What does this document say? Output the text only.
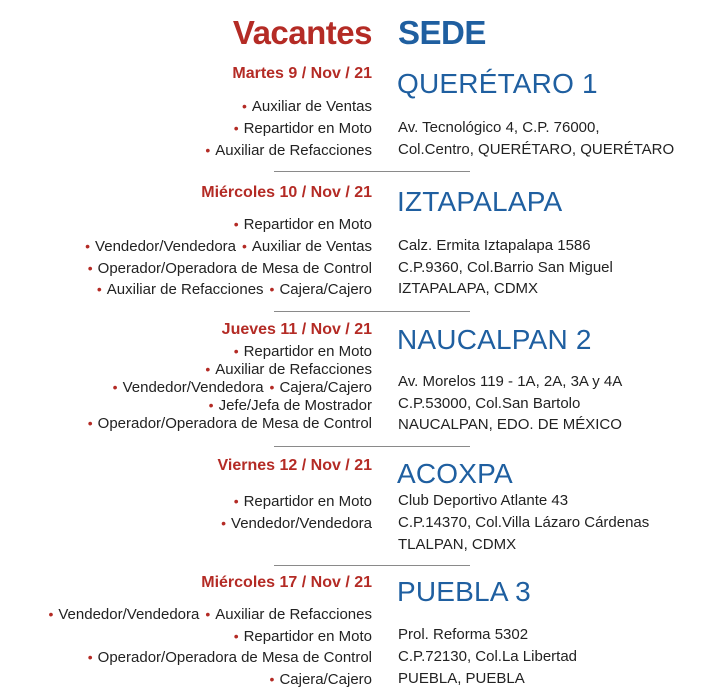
Vacantes SEDE
Martes 9 / Nov / 21 QUERÉTARO 1
• Auxiliar de Ventas
• Repartidor en Moto
• Auxiliar de Refacciones
Av. Tecnológico 4, C.P. 76000,
Col.Centro, QUERÉTARO, QUERÉTARO
Miércoles 10 / Nov / 21 IZTAPALAPA
• Repartidor en Moto
• Vendedor/Vendedora • Auxiliar de Ventas
• Operador/Operadora de Mesa de Control
• Auxiliar de Refacciones • Cajera/Cajero
Calz. Ermita Iztapalapa 1586
C.P.9360, Col.Barrio San Miguel
IZTAPALAPA, CDMX
Jueves 11 / Nov / 21 NAUCALPAN 2
• Repartidor en Moto
• Auxiliar de Refacciones
• Vendedor/Vendedora • Cajera/Cajero
• Jefe/Jefa de Mostrador
• Operador/Operadora de Mesa de Control
Av. Morelos 119 - 1A, 2A, 3A y 4A
C.P.53000, Col.San Bartolo
NAUCALPAN, EDO. DE MÉXICO
Viernes 12 / Nov / 21 ACOXPA
• Repartidor en Moto
• Vendedor/Vendedora
Club Deportivo Atlante 43
C.P.14370, Col.Villa Lázaro Cárdenas
TLALPAN, CDMX
Miércoles 17 / Nov / 21 PUEBLA 3
• Vendedor/Vendedora • Auxiliar de Refacciones
• Repartidor en Moto
• Operador/Operadora de Mesa de Control
• Cajera/Cajero
Prol. Reforma 5302
C.P.72130, Col.La Libertad
PUEBLA, PUEBLA
